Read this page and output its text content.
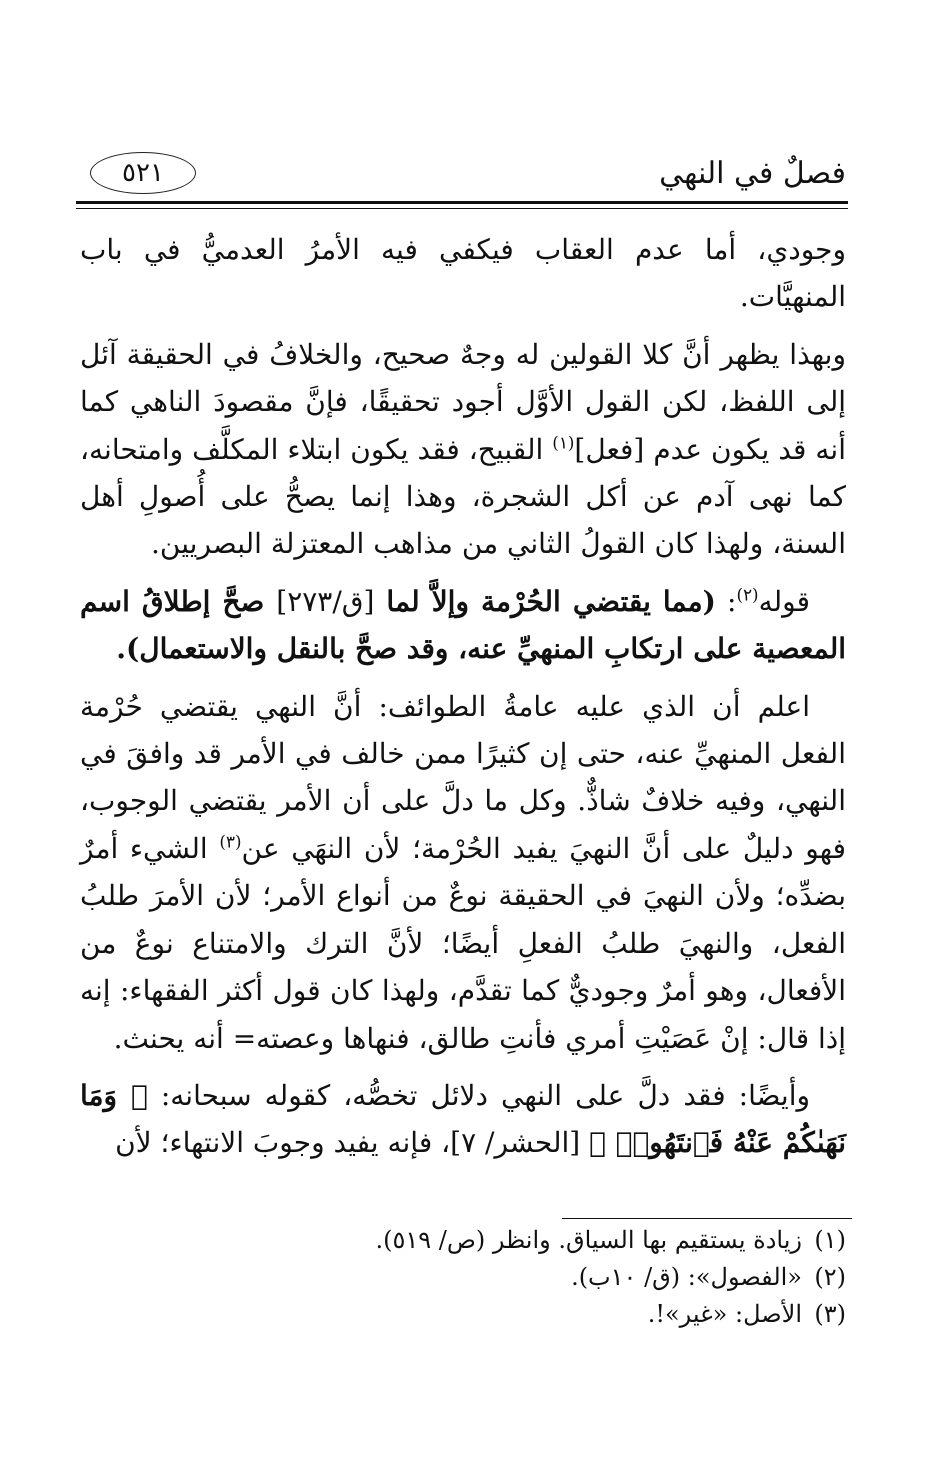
فصلٌ في النهي
٥٢١

وجودي، أما عدم العقاب فيكفي فيه الأمرُ العدميُّ في باب المنهيَّات.

وبهذا يظهر أنَّ كلا القولين له وجهٌ صحيح، والخلافُ في الحقيقة آئل إلى اللفظ، لكن القول الأوَّل أجود تحقيقًا، فإنَّ مقصودَ الناهي كما أنه قد يكون عدم [فعل]$^{(١)}$ القبيح، فقد يكون ابتلاء المكلَّف وامتحانه، كما نهى آدم عن أكل الشجرة، وهذا إنما يصحُّ على أُصولِ أهل السنة، ولهذا كان القولُ الثاني من مذاهب المعتزلة البصريين.

قوله$^{(٢)}$: (مما يقتضي الحُرْمة وإلاَّ لما [ق/٢٧٣] صحَّ إطلاقُ اسم المعصية على ارتكابِ المنهيِّ عنه، وقد صحَّ بالنقل والاستعمال).

اعلم أن الذي عليه عامةُ الطوائف: أنَّ النهي يقتضي حُرْمة الفعل المنهيِّ عنه، حتى إن كثيرًا ممن خالف في الأمر قد وافقَ في النهي، وفيه خلافٌ شاذٌّ. وكل ما دلَّ على أن الأمر يقتضي الوجوب، فهو دليلٌ على أنَّ النهيَ يفيد الحُرْمة؛ لأن النهَي عن$^{(٣)}$ الشيء أمرٌ بضدِّه؛ ولأن النهيَ في الحقيقة نوعٌ من أنواع الأمر؛ لأن الأمرَ طلبُ الفعل، والنهيَ طلبُ الفعلِ أيضًا؛ لأنَّ الترك والامتناع نوعٌ من الأفعال، وهو أمرٌ وجوديٌّ كما تقدَّم، ولهذا كان قول أكثر الفقهاء: إنه إذا قال: إنْ عَصَيْتِ أمري فأنتِ طالق، فنهاها وعصته= أنه يحنث.

وأيضًا: فقد دلَّ على النهي دلائل تخصُّه، كقوله سبحانه: ﴿ وَمَا نَهَىٰكُمْ عَنْهُ فَٱنتَهُوا۟ ﴾ [الحشر/ ٧]، فإنه يفيد وجوبَ الانتهاء؛ لأن

(١)زيادة يستقيم بها السياق. وانظر (ص/ ٥١٩).
(٢)«الفصول»: (ق/ ١٠ب).
(٣)الأصل: «غير»!.
